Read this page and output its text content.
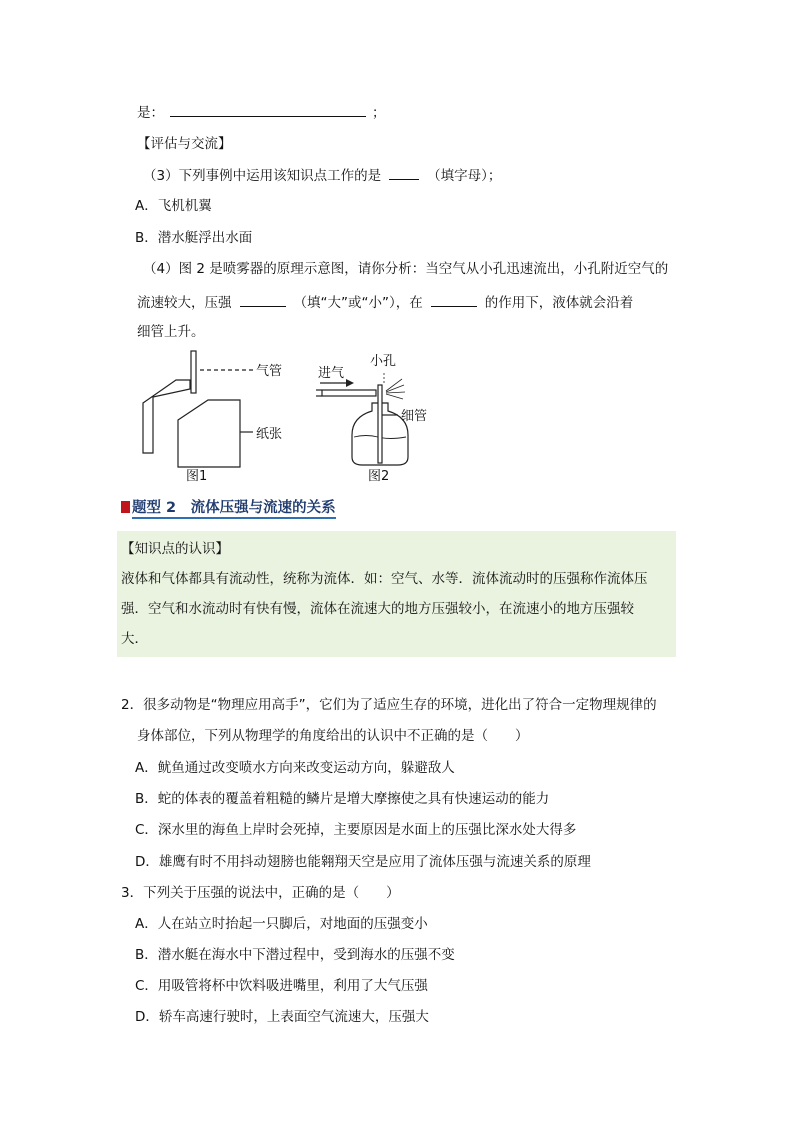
是：	；
【评估与交流】
（3）下列事例中运用该知识点工作的是	（填字母）；
A．飞机机翼
B．潜水艇浮出水面
（4）图 2 是喷雾器的原理示意图，请你分析：当空气从小孔迅速流出，小孔附近空气的
流速较大，压强	（填“大”或“小”），在	的作用下，液体就会沿着
细管上升。
气管
纸张
图1
小孔
进气
细管
图2
题型 2　流体压强与流速的关系
【知识点的认识】
液体和气体都具有流动性，统称为流体．如：空气、水等．流体流动时的压强称作流体压
强．空气和水流动时有快有慢，流体在流速大的地方压强较小，在流速小的地方压强较
大．
2．很多动物是“物理应用高手”，它们为了适应生存的环境，进化出了符合一定物理规律的
身体部位，下列从物理学的角度给出的认识中不正确的是（　　）
A．鱿鱼通过改变喷水方向来改变运动方向，躲避敌人
B．蛇的体表的覆盖着粗糙的鳞片是增大摩擦使之具有快速运动的能力
C．深水里的海鱼上岸时会死掉，主要原因是水面上的压强比深水处大得多
D．雄鹰有时不用抖动翅膀也能翱翔天空是应用了流体压强与流速关系的原理
3．下列关于压强的说法中，正确的是（　　）
A．人在站立时抬起一只脚后，对地面的压强变小
B．潜水艇在海水中下潜过程中，受到海水的压强不变
C．用吸管将杯中饮料吸进嘴里，利用了大气压强
D．轿车高速行驶时，上表面空气流速大，压强大
